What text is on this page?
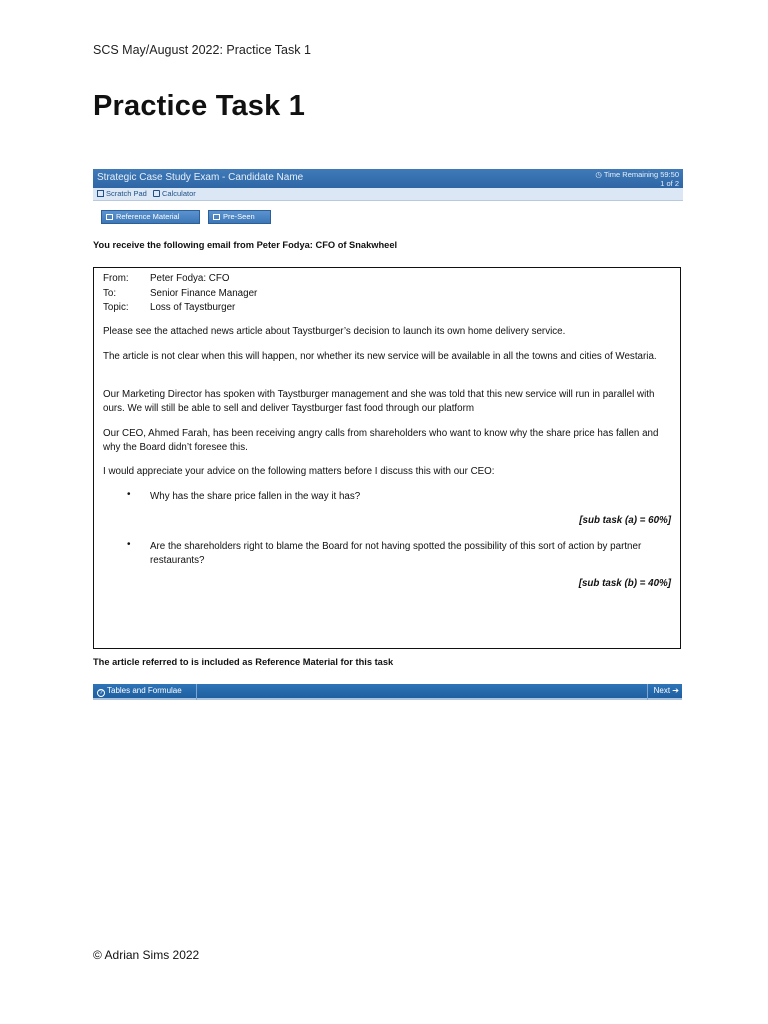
SCS May/August 2022: Practice Task 1
Practice Task 1
Strategic Case Study Exam - Candidate Name	◷ Time Remaining 59:50
1 of 2
Scratch Pad	Calculator
Reference Material	Pre-Seen
You receive the following email from Peter Fodya: CFO of Snakwheel
From: Peter Fodya: CFO
To:	Senior Finance Manager
Topic: Loss of Taystburger
Please see the attached news article about Taystburger’s decision to launch its own home delivery service.
The article is not clear when this will happen, nor whether its new service will be available in all the towns and cities of Westaria.
Our Marketing Director has spoken with Taystburger management and she was told that this new service will run in parallel with ours. We will still be able to sell and deliver Taystburger fast food through our platform
Our CEO, Ahmed Farah, has been receiving angry calls from shareholders who want to know why the share price has fallen and why the Board didn’t foresee this.
I would appreciate your advice on the following matters before I discuss this with our CEO:
• Why has the share price fallen in the way it has?
[sub task (a) = 60%]
• Are the shareholders right to blame the Board for not having spotted the possibility of this sort of action by partner restaurants?
[sub task (b) = 40%]
The article referred to is included as Reference Material for this task
? Tables and Formulae	Next ➔
© Adrian Sims 2022
